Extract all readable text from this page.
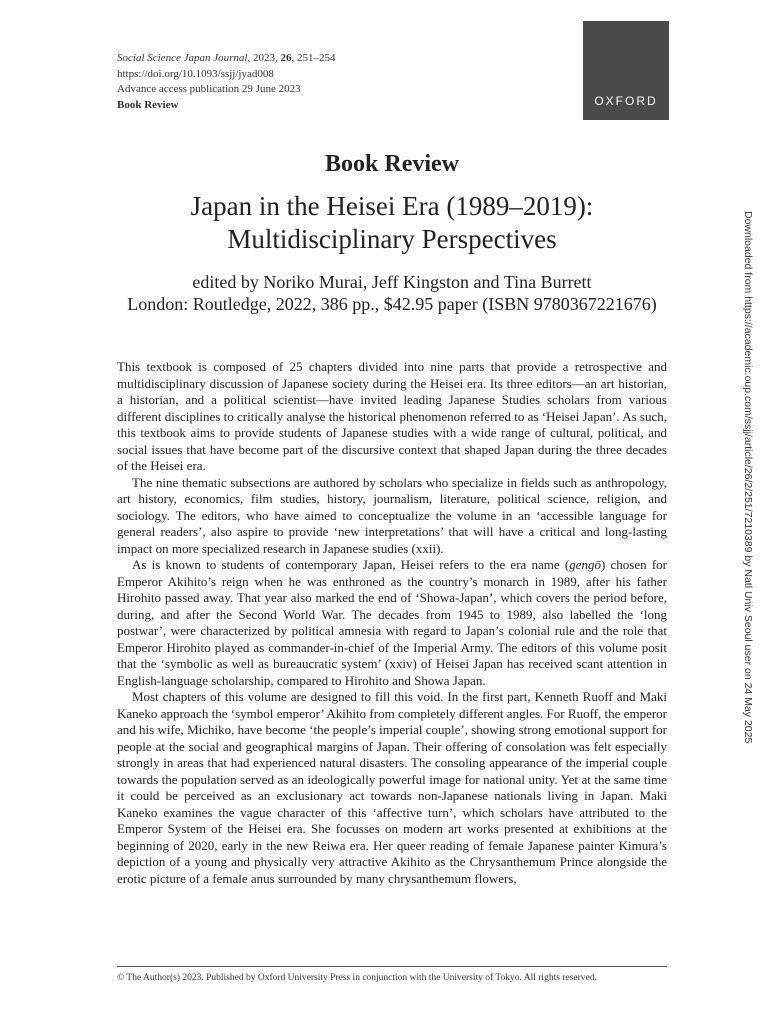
Social Science Japan Journal, 2023, 26, 251–254
https://doi.org/10.1093/ssjj/jyad008
Advance access publication 29 June 2023
Book Review	OXFORD
Book Review
Japan in the Heisei Era (1989–2019):
Multidisciplinary Perspectives
edited by Noriko Murai, Jeff Kingston and Tina Burrett
London: Routledge, 2022, 386 pp., $42.95 paper (ISBN 9780367221676)

This textbook is composed of 25 chapters divided into nine parts that provide a retrospective and multidisciplinary discussion of Japanese society during the Heisei era. Its three editors—an art historian, a historian, and a political scientist—have invited leading Japanese Studies scholars from various different disciplines to critically analyse the historical phenomenon referred to as ‘Heisei Japan’. As such, this textbook aims to provide students of Japanese studies with a wide range of cultural, political, and social issues that have become part of the discursive context that shaped Japan during the three decades of the Heisei era.

The nine thematic subsections are authored by scholars who specialize in fields such as anthropology, art history, economics, film studies, history, journalism, literature, political science, religion, and sociology. The editors, who have aimed to conceptualize the volume in an ‘accessible language for general readers’, also aspire to provide ‘new interpretations’ that will have a critical and long-lasting impact on more specialized research in Japanese studies (xxii).

As is known to students of contemporary Japan, Heisei refers to the era name (gengō) chosen for Emperor Akihito’s reign when he was enthroned as the country’s monarch in 1989, after his father Hirohito passed away. That year also marked the end of ‘Showa-Japan’, which covers the period before, during, and after the Second World War. The decades from 1945 to 1989, also labelled the ‘long postwar’, were characterized by political amnesia with regard to Japan’s colonial rule and the role that Emperor Hirohito played as commander-in-chief of the Imperial Army. The editors of this volume posit that the ‘symbolic as well as bureaucratic system’ (xxiv) of Heisei Japan has received scant attention in English-language scholarship, compared to Hirohito and Showa Japan.

Most chapters of this volume are designed to fill this void. In the first part, Kenneth Ruoff and Maki Kaneko approach the ‘symbol emperor’ Akihito from completely different angles. For Ruoff, the emperor and his wife, Michiko, have become ‘the people’s imperial couple’, showing strong emotional support for people at the social and geographical margins of Japan. Their offering of consolation was felt especially strongly in areas that had experienced natural disasters. The consoling appearance of the imperial couple towards the population served as an ideologically powerful image for national unity. Yet at the same time it could be perceived as an exclusionary act towards non-Japanese nationals living in Japan. Maki Kaneko examines the vague character of this ‘affective turn’, which scholars have attributed to the Emperor System of the Heisei era. She focusses on modern art works presented at exhibitions at the beginning of 2020, early in the new Reiwa era. Her queer reading of female Japanese painter Kimura’s depiction of a young and physically very attractive Akihito as the Chrysanthemum Prince alongside the erotic picture of a female anus surrounded by many chrysanthemum flowers,

Downloaded from https://academic.oup.com/ssjj/article/26/2/251/7210389 by Natl Univ Seoul user on 24 May 2025
© The Author(s) 2023. Published by Oxford University Press in conjunction with the University of Tokyo. All rights reserved.
